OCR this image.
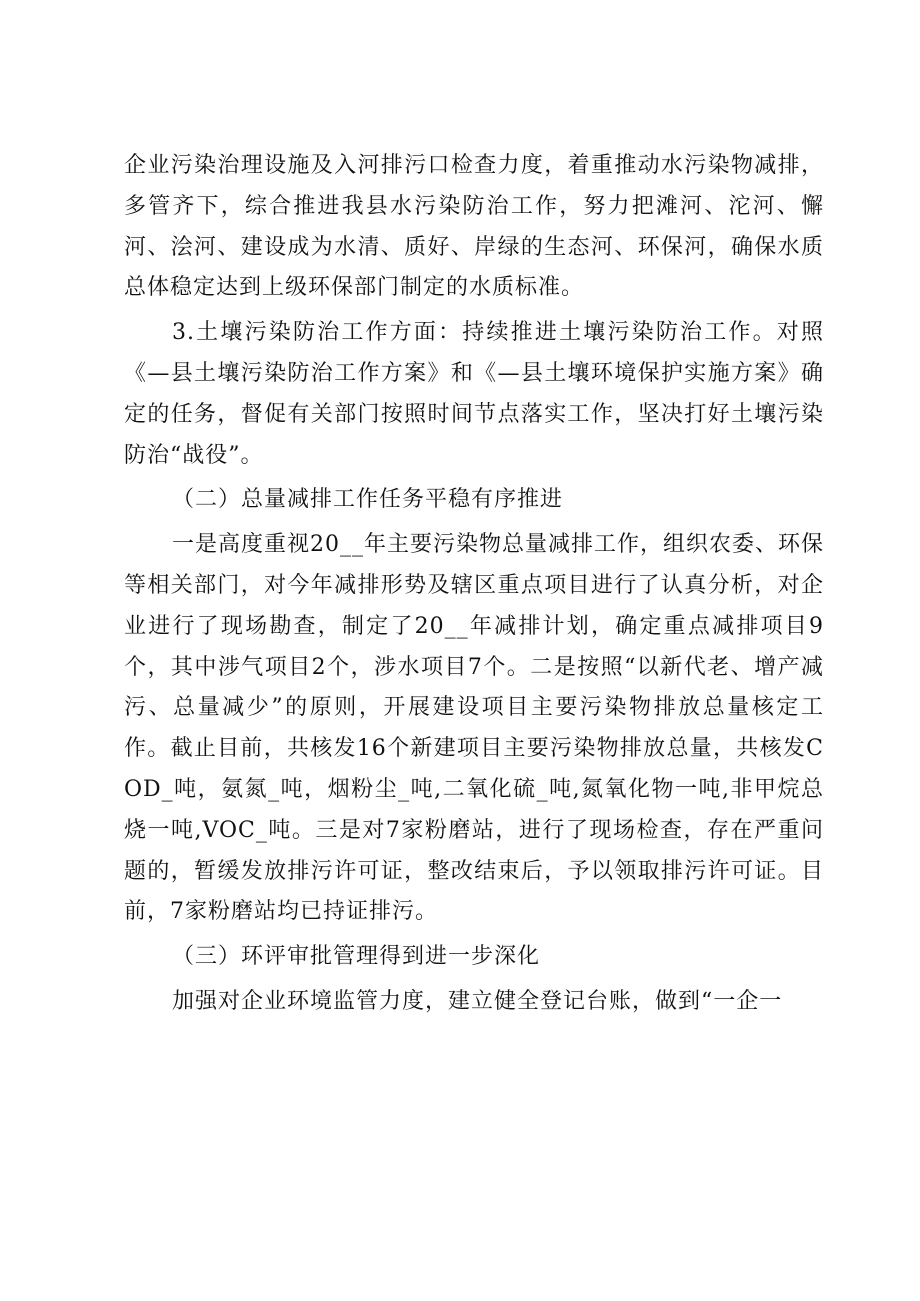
企业污染治理设施及入河排污口检查力度，着重推动水污染物减排，多管齐下，综合推进我县水污染防治工作，努力把滩河、沱河、懈河、浍河、建设成为水清、质好、岸绿的生态河、环保河，确保水质总体稳定达到上级环保部门制定的水质标准。

3.土壤污染防治工作方面：持续推进土壤污染防治工作。对照《—县土壤污染防治工作方案》和《—县土壤环境保护实施方案》确定的任务，督促有关部门按照时间节点落实工作，坚决打好土壤污染防治“战役”。

（二）总量减排工作任务平稳有序推进

一是高度重视20__年主要污染物总量减排工作，组织农委、环保等相关部门，对今年减排形势及辖区重点项目进行了认真分析，对企业进行了现场勘查，制定了20__年减排计划，确定重点减排项目9个，其中涉气项目2个，涉水项目7个。二是按照“以新代老、增产减污、总量减少”的原则，开展建设项目主要污染物排放总量核定工作。截止目前，共核发16个新建项目主要污染物排放总量，共核发COD_吨，氨氮_吨，烟粉尘_吨,二氧化硫_吨,氮氧化物一吨,非甲烷总烧一吨,VOC_吨。三是对7家粉磨站，进行了现场检查，存在严重问题的，暂缓发放排污许可证，整改结束后，予以领取排污许可证。目前，7家粉磨站均已持证排污。

（三）环评审批管理得到进一步深化

加强对企业环境监管力度，建立健全登记台账，做到“一企一
